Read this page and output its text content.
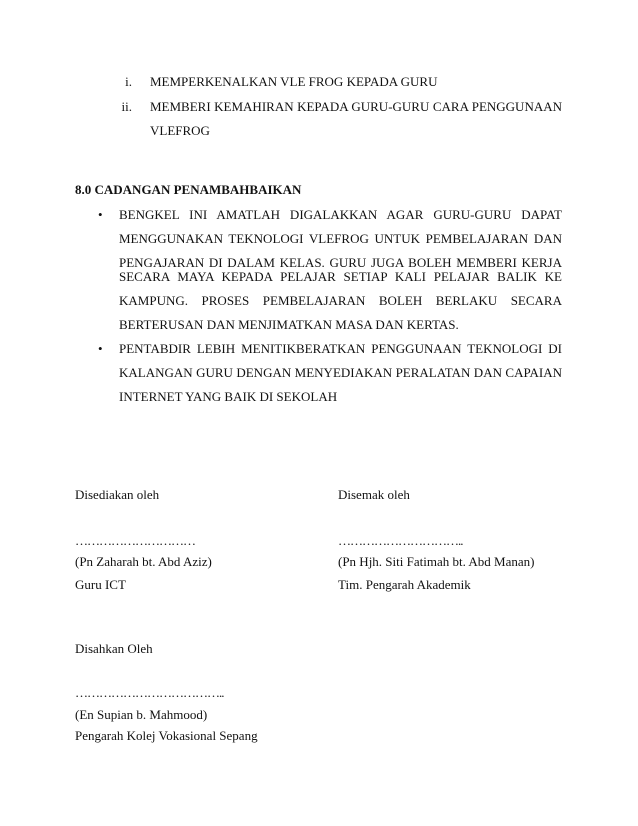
i. MEMPERKENALKAN VLE FROG KEPADA GURU
ii. MEMBERI KEMAHIRAN KEPADA GURU-GURU CARA PENGGUNAAN
VLEFROG
8.0 CADANGAN PENAMBAHBAIKAN
• BENGKEL INI AMATLAH DIGALAKKAN AGAR GURU-GURU DAPAT
MENGGUNAKAN TEKNOLOGI VLEFROG UNTUK PEMBELAJARAN DAN
PENGAJARAN DI DALAM KELAS. GURU JUGA BOLEH MEMBERI KERJA
SECARA MAYA KEPADA PELAJAR SETIAP KALI PELAJAR BALIK KE
KAMPUNG. PROSES PEMBELAJARAN BOLEH BERLAKU SECARA
BERTERUSAN DAN MENJIMATKAN MASA DAN KERTAS.
• PENTABDIR LEBIH MENITIKBERATKAN PENGGUNAAN TEKNOLOGI DI
KALANGAN GURU DENGAN MENYEDIAKAN PERALATAN DAN CAPAIAN
INTERNET YANG BAIK DI SEKOLAH
Disediakan oleh
…………………………
(Pn Zaharah bt. Abd Aziz)
Guru ICT
Disemak oleh
…………………………..
(Pn Hjh. Siti Fatimah bt. Abd Manan)
Tim. Pengarah Akademik
Disahkan Oleh
………………………………..
(En Supian b. Mahmood)
Pengarah Kolej Vokasional Sepang
